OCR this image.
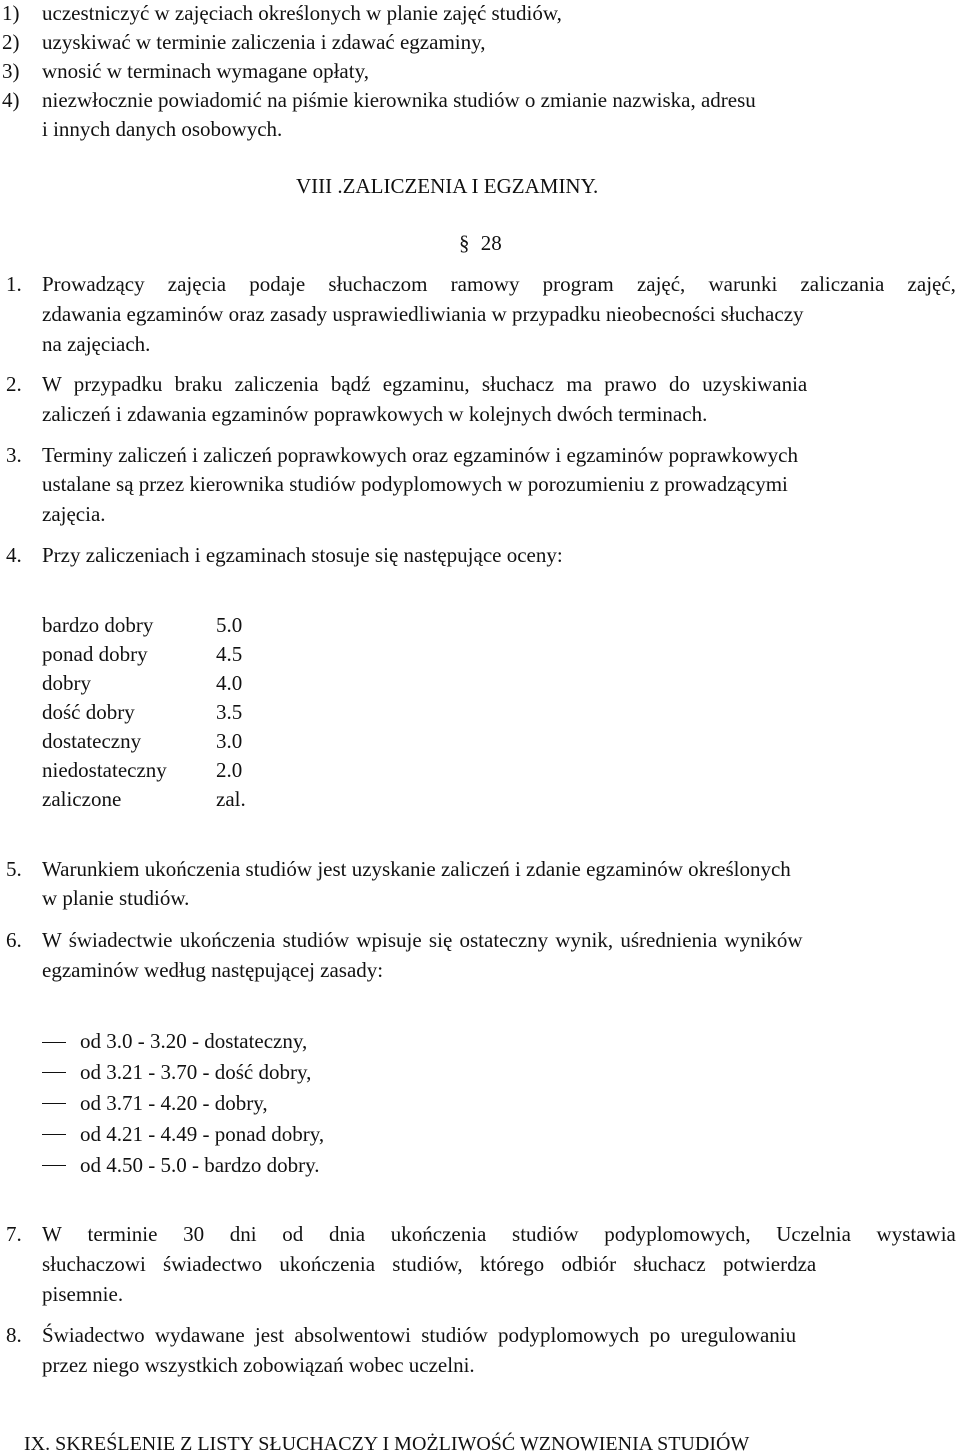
1) uczestniczyć w zajęciach określonych w planie zajęć studiów,
2) uzyskiwać w terminie zaliczenia i zdawać egzaminy,
3) wnosić w terminach wymagane opłaty,
4) niezwłocznie powiadomić na piśmie kierownika studiów o zmianie nazwiska, adresu
i innych danych osobowych.
VIII .ZALICZENIA I EGZAMINY.
§ 28
1. Prowadzący zajęcia podaje słuchaczom ramowy program zajęć, warunki zaliczania zajęć,
zdawania egzaminów oraz zasady usprawiedliwiania w przypadku nieobecności słuchaczy
na zajęciach.
2. W przypadku braku zaliczenia bądź egzaminu, słuchacz ma prawo do uzyskiwania
zaliczeń i zdawania egzaminów poprawkowych w kolejnych dwóch terminach.
3. Terminy zaliczeń i zaliczeń poprawkowych oraz egzaminów i egzaminów poprawkowych
ustalane są przez kierownika studiów podyplomowych w porozumieniu z prowadzącymi
zajęcia.
4. Przy zaliczeniach i egzaminach stosuje się następujące oceny:
bardzo dobry	5.0
ponad dobry	4.5
dobry	4.0
dość dobry	3.5
dostateczny	3.0
niedostateczny 2.0
zaliczone	zal.
5. Warunkiem ukończenia studiów jest uzyskanie zaliczeń i zdanie egzaminów określonych
w planie studiów.
6. W świadectwie ukończenia studiów wpisuje się ostateczny wynik, uśrednienia wyników
egzaminów według następującej zasady:
od 3.0 - 3.20 - dostateczny,
od 3.21 - 3.70 - dość dobry,
od 3.71 - 4.20 - dobry,
od 4.21 - 4.49 - ponad dobry,
od 4.50 - 5.0 - bardzo dobry.
7. W terminie 30 dni od dnia ukończenia studiów podyplomowych, Uczelnia wystawia
słuchaczowi świadectwo ukończenia studiów, którego odbiór słuchacz potwierdza
pisemnie.
8. Świadectwo wydawane jest absolwentowi studiów podyplomowych po uregulowaniu
przez niego wszystkich zobowiązań wobec uczelni.
IX. SKREŚLENIE Z LISTY SŁUCHACZY I MOŻLIWOŚĆ WZNOWIENIA STUDIÓW
